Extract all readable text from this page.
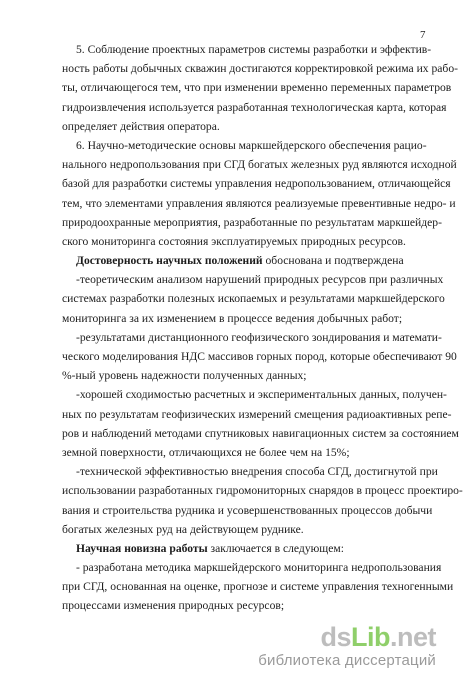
7

5. Соблюдение проектных параметров системы разработки и эффектив-
ность работы добычных скважин достигаются корректировкой режима их рабо-
ты, отличающегося тем, что при изменении временно переменных параметров
гидроизвлечения используется разработанная технологическая карта, которая
определяет действия оператора.

6. Научно-методические основы маркшейдерского обеспечения рацио-
нального недропользования при СГД богатых железных руд являются исходной
базой для разработки системы управления недропользованием, отличающейся
тем, что элементами управления являются реализуемые превентивные недро- и
природоохранные мероприятия, разработанные по результатам маркшейдер-
ского мониторинга состояния эксплуатируемых природных ресурсов.

Достоверность научных положений обоснована и подтверждена

-теоретическим анализом нарушений природных ресурсов при различных
системах разработки полезных ископаемых и результатами маркшейдерского
мониторинга за их изменением в процессе ведения добычных работ;

-результатами дистанционного геофизического зондирования и математи-
ческого моделирования НДС массивов горных пород, которые обеспечивают 90
%-ный уровень надежности полученных данных;

-хорошей сходимостью расчетных и экспериментальных данных, получен-
ных по результатам геофизических измерений смещения радиоактивных репе-
ров и наблюдений методами спутниковых навигационных систем за состоянием
земной поверхности, отличающихся не более чем на 15%;

-технической эффективностью внедрения способа СГД, достигнутой при
использовании разработанных гидромониторных снарядов в процесс проектиро-
вания и строительства рудника и усовершенствованных процессов добычи
богатых железных руд на действующем руднике.

Научная новизна работы заключается в следующем:

- разработана методика маркшейдерского мониторинга недропользования
при СГД, основанная на оценке, прогнозе и системе управления техногенными
процессами изменения природных ресурсов;

dsLib.net
библиотека диссертаций
